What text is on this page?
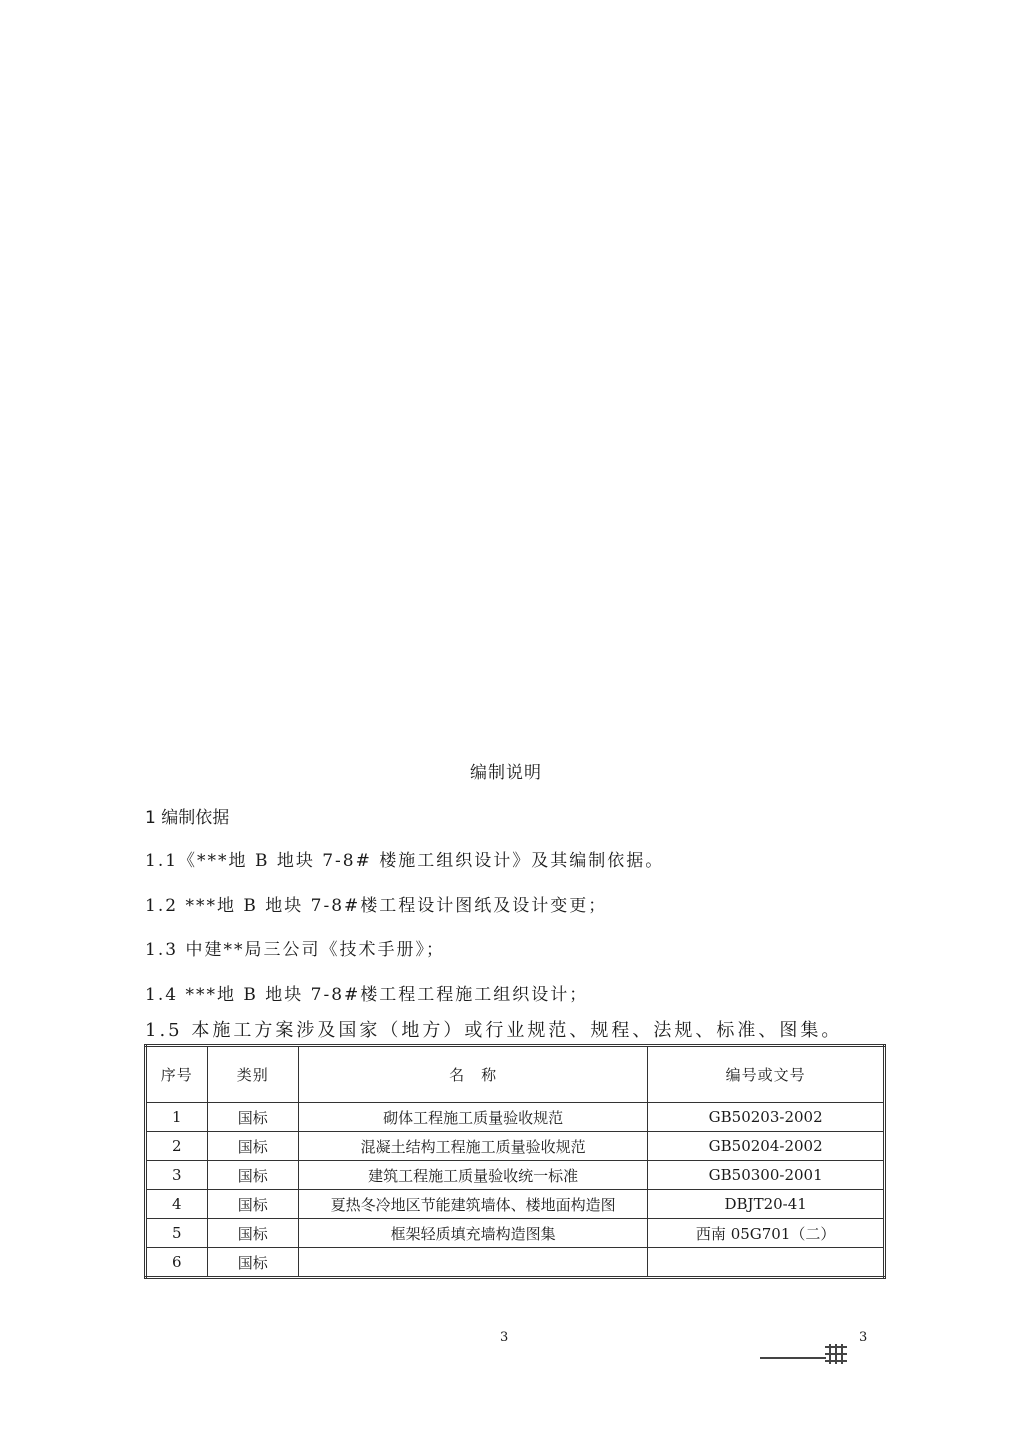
编制说明
1 编制依据
1.1《***地 B 地块 7-8# 楼施工组织设计》及其编制依据。
1.2 ***地 B 地块 7-8#楼工程设计图纸及设计变更；
1.3 中建**局三公司《技术手册》；
1.4 ***地 B 地块 7-8#楼工程工程施工组织设计；
1.5 本施工方案涉及国家（地方）或行业规范、规程、法规、标准、图集。
序号	类别	名　称	编号或文号
1	国标	砌体工程施工质量验收规范	GB50203-2002
2	国标	混凝土结构工程施工质量验收规范	GB50204-2002
3	国标	建筑工程施工质量验收统一标准	GB50300-2001
4	国标	夏热冬冷地区节能建筑墙体、楼地面构造图	DBJT20-41
5	国标	框架轻质填充墙构造图集	西南 05G701（二）
6	国标		
3	3
